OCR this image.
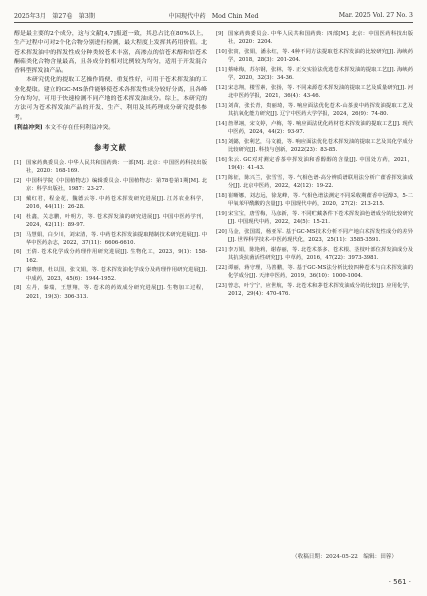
2025年3月　第27卷　第3期	中国现代中药　Mod Chin Med	Mar. 2025 Vol. 27 No. 3

醇是最主要的2个成分，这与文献[4,7]报道一致，其总占比在80%以上，生产过程中可对2个化合物分别进行检测，最大程度上发挥其药用价值。北苍术挥发油中的挥发性成分种类较苍术丰富，高渗点的信苍术醇和信苍术酮萜类化合物含量最高，且各成分的相对比例较为均匀，适用于开发混合香料型挥发油产品。

本研究优化的提取工艺操作简便、重复性好，可用于苍术挥发油的工业化提取。建立的GC-MS条件能够使苍术各挥发性成分较好分离，且各峰分布均匀，可用于快速检测不同产地的苍术挥发油成分。综上，本研究的方法可为苍术挥发油产品的开发、生产、利用及其药理成分研究提供参考。

[利益冲突] 本文不存在任何利益冲突。
参考文献
[1] 国家药典委员会. 中华人民共和国药典：一部[M]. 北京：中国医药科技出版社，2020：168-169.
[2] 中国科学院《中国植物志》编辑委员会. 中国植物志：第78卷第1期[M]. 北京：科学出版社，1987：23-27.
[3] 戴红君，程金花，魏德云等. 中药苍术挥发研究进展[J]. 江苏农业科学，2016，44(11)：26-28.
[4] 杜鑫，关志鹏，叶明方，等. 苍术挥发油的研究进展[J]. 中国中医药学刊，2024，42(11)：89-97.
[5] 马慧娟，白少川，刘宋清，等. 中药苍术挥发油提取精制技术研究进展[J]. 中华中医药杂志，2022，37(11)：6606-6610.
[6] 王倩. 苍术化学成分药理作用研究进展[J]. 生物化工，2023，9(1)：158-162.
[7] 秦晓朋，杜以国，张文娟，等. 苍术挥发油化学成分及药理作用研究进展[J]. 中成药，2023，45(6)：1944-1952.
[8] 左丹，秦瑞，王慧翔，等. 苍术的药效成分研究进展[J]. 生物加工过程，2021，19(3)：306-313.
[9] 国家药典委员会. 中华人民共和国药典：四部[M]. 北京：中国医药科技出版社，2020：2204.
[10] 张寅，张娟，潘永红，等. 4种不同方法提取苍术挥发油的比较研究[J]. 海峡药学，2018，28(3)：201-204.
[11] 蔡咏梅，苏尔钢，张林，等. 正交实验法优选苍术挥发油的提取工艺[J]. 海峡药学，2020，32(3)：34-36.
[12] 宋志翔，楼雪素，张扬，等. 不同来源苍术挥发油的提取工艺及质量研究[J]. 河北中医药学报，2021，36(4)：43-46.
[13] 刘苗，张长青，贵丽琦，等. 响应面法优化苍术-山茶姜中药挥发油提取工艺及其抗氧化能力研究[J]. 辽宁中医药大学学报，2024，26(9)：74-80.
[14] 詹翠翊，宋文婷，卢梅，等. 响应面法优化药材苍术挥发油的提取工艺[J]. 现代中医药，2024，44(2)：93-97.
[15] 刘懿，张利艺，马文毅，等. 响应面法优化苍术挥发油的提取工艺及其化学成分比较研究[J]. 科技与创新，2022(23)：83-85.
[16] 朱云. GC对对测定香茶中挥发油和香醇醇的含量[J]. 中国处方药，2021，19(4)：41-43.
[17] 陈征，陈兴兰，张雪雪，等. 气相色谱-高分辨质谱联用法分析广藿香挥发油成分[J]. 北京中医药，2022，42(12)：19-22.
[18] 崔晰娜，刘志远，徐龙峰，等. 气相色谱法测定不同采收期藿香中冠醇3，5-二甲氧苯甲酰酸的含量[J]. 中国现代中药，2020，27(2)：213-215.
[19] 宋宝宝，唐雪梅，马彦新，等. 不同贮藏条件下苍术挥发油色谱成分的比较研究[J]. 中国现代中药，2022，24(5)：15-21.
[20] 马金，张国霞，杨亚军. 基于GC-MS技术分析不同产地白术挥发性成分的差异[J]. 世界科学技术-中医药现代化，2023，25(11)：3585-3591.
[21] 李万娟，陈艳莉，谢春丽，等. 北苍术茶多、苍术根、茎枝叶部位挥发油成分及其抗炎抗菌活性研究[J]. 中草药，2016，47(22)：3973-3981.
[22] 谭丽，蒋守理，马善鹏，等. 基于GC-MS法分析比较四种苍术与白术挥发油的化学成分[J]. 天津中医药，2019，36(10)：1000-1004.
[23] 曾志，叶宁宁，应世航，等. 北苍术和茅苍术挥发油成分的比较[J]. 应用化学，2012，29(4)：470-476.
（收稿日期：2024-05-22　编辑：田蓉）
· 561 ·
